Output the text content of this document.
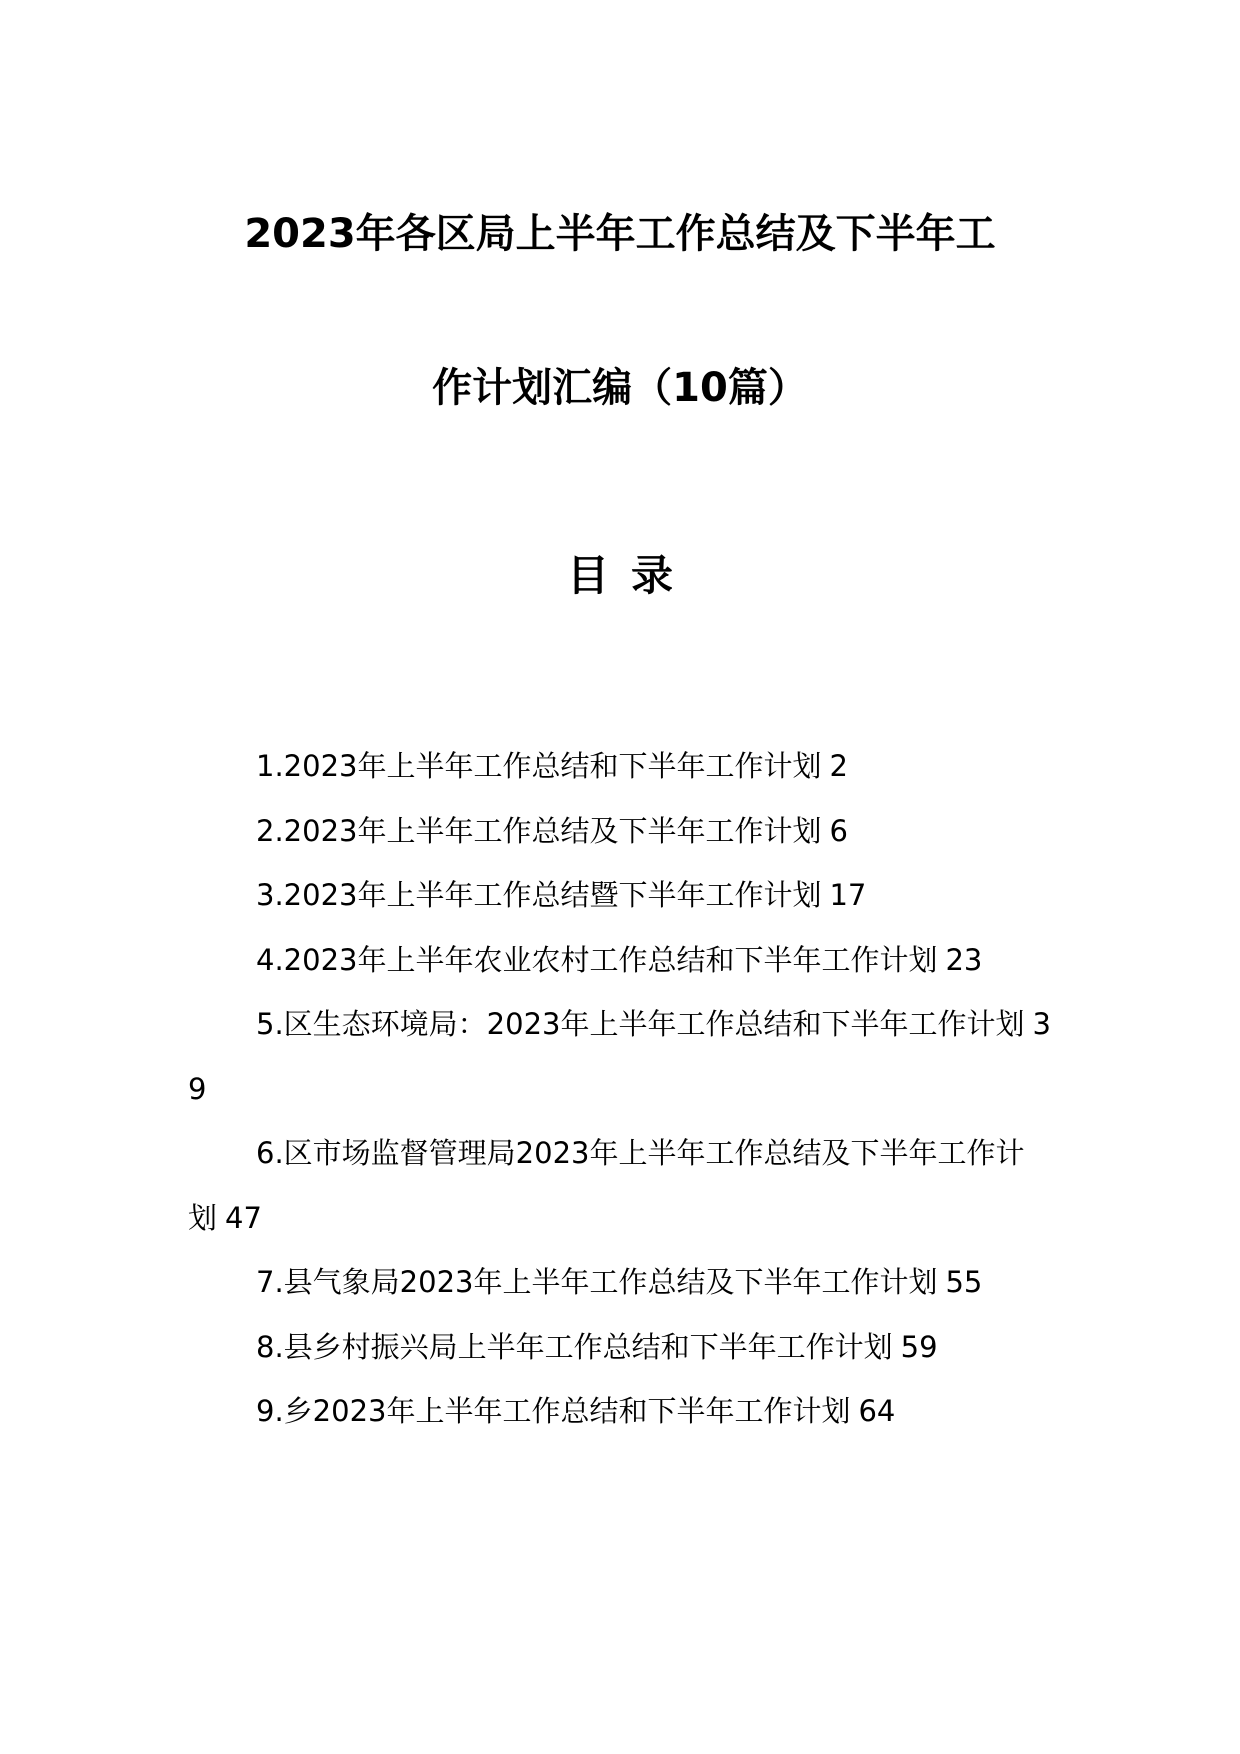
2023年各区局上半年工作总结及下半年工
作计划汇编（10篇）
目录
1.2023年上半年工作总结和下半年工作计划 2
2.2023年上半年工作总结及下半年工作计划 6
3.2023年上半年工作总结暨下半年工作计划 17
4.2023年上半年农业农村工作总结和下半年工作计划 23
5.区生态环境局：2023年上半年工作总结和下半年工作计划 39
6.区市场监督管理局2023年上半年工作总结及下半年工作计划 47
7.县气象局2023年上半年工作总结及下半年工作计划 55
8.县乡村振兴局上半年工作总结和下半年工作计划 59
9.乡2023年上半年工作总结和下半年工作计划 64
